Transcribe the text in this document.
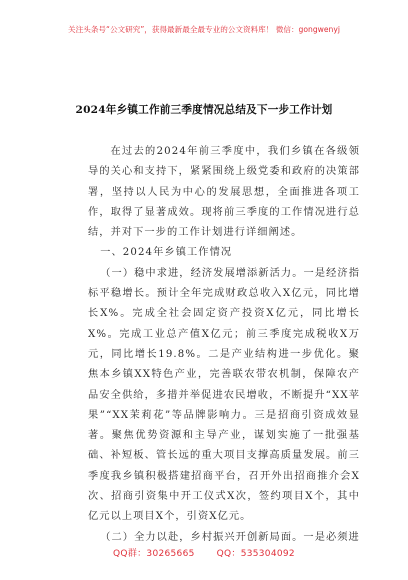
关注头条号“公文研究”，获得最新最全最专业的公文资料库！ 微信：gongwenyj
2024年乡镇工作前三季度情况总结及下一步工作计划

在过去的2024年前三季度中，我们乡镇在各级领导的关心和支持下，紧紧围绕上级党委和政府的决策部署，坚持以人民为中心的发展思想，全面推进各项工作，取得了显著成效。现将前三季度的工作情况进行总结，并对下一步的工作计划进行详细阐述。

一、2024年乡镇工作情况

（一）稳中求进，经济发展增添新活力。一是经济指标平稳增长。预计全年完成财政总收入X亿元，同比增长X%。完成全社会固定资产投资X亿元，同比增长X%。完成工业总产值X亿元；前三季度完成税收X万元，同比增长19.8%。二是产业结构进一步优化。聚焦本乡镇XX特色产业，完善联农带农机制，保障农产品安全供给，多措并举促进农民增收，不断提升“XX苹果”“XX茉莉花”等品牌影响力。三是招商引资成效显著。聚焦优势资源和主导产业，谋划实施了一批强基础、补短板、管长远的重大项目支撑高质量发展。前三季度我乡镇积极搭建招商平台，召开外出招商推介会X次、招商引资集中开工仪式X次，签约项目X个，其中亿元以上项目X个，引资X亿元。

（二）全力以赴，乡村振兴开创新局面。一是必须进

QQ群：30265665 QQ：535304092
